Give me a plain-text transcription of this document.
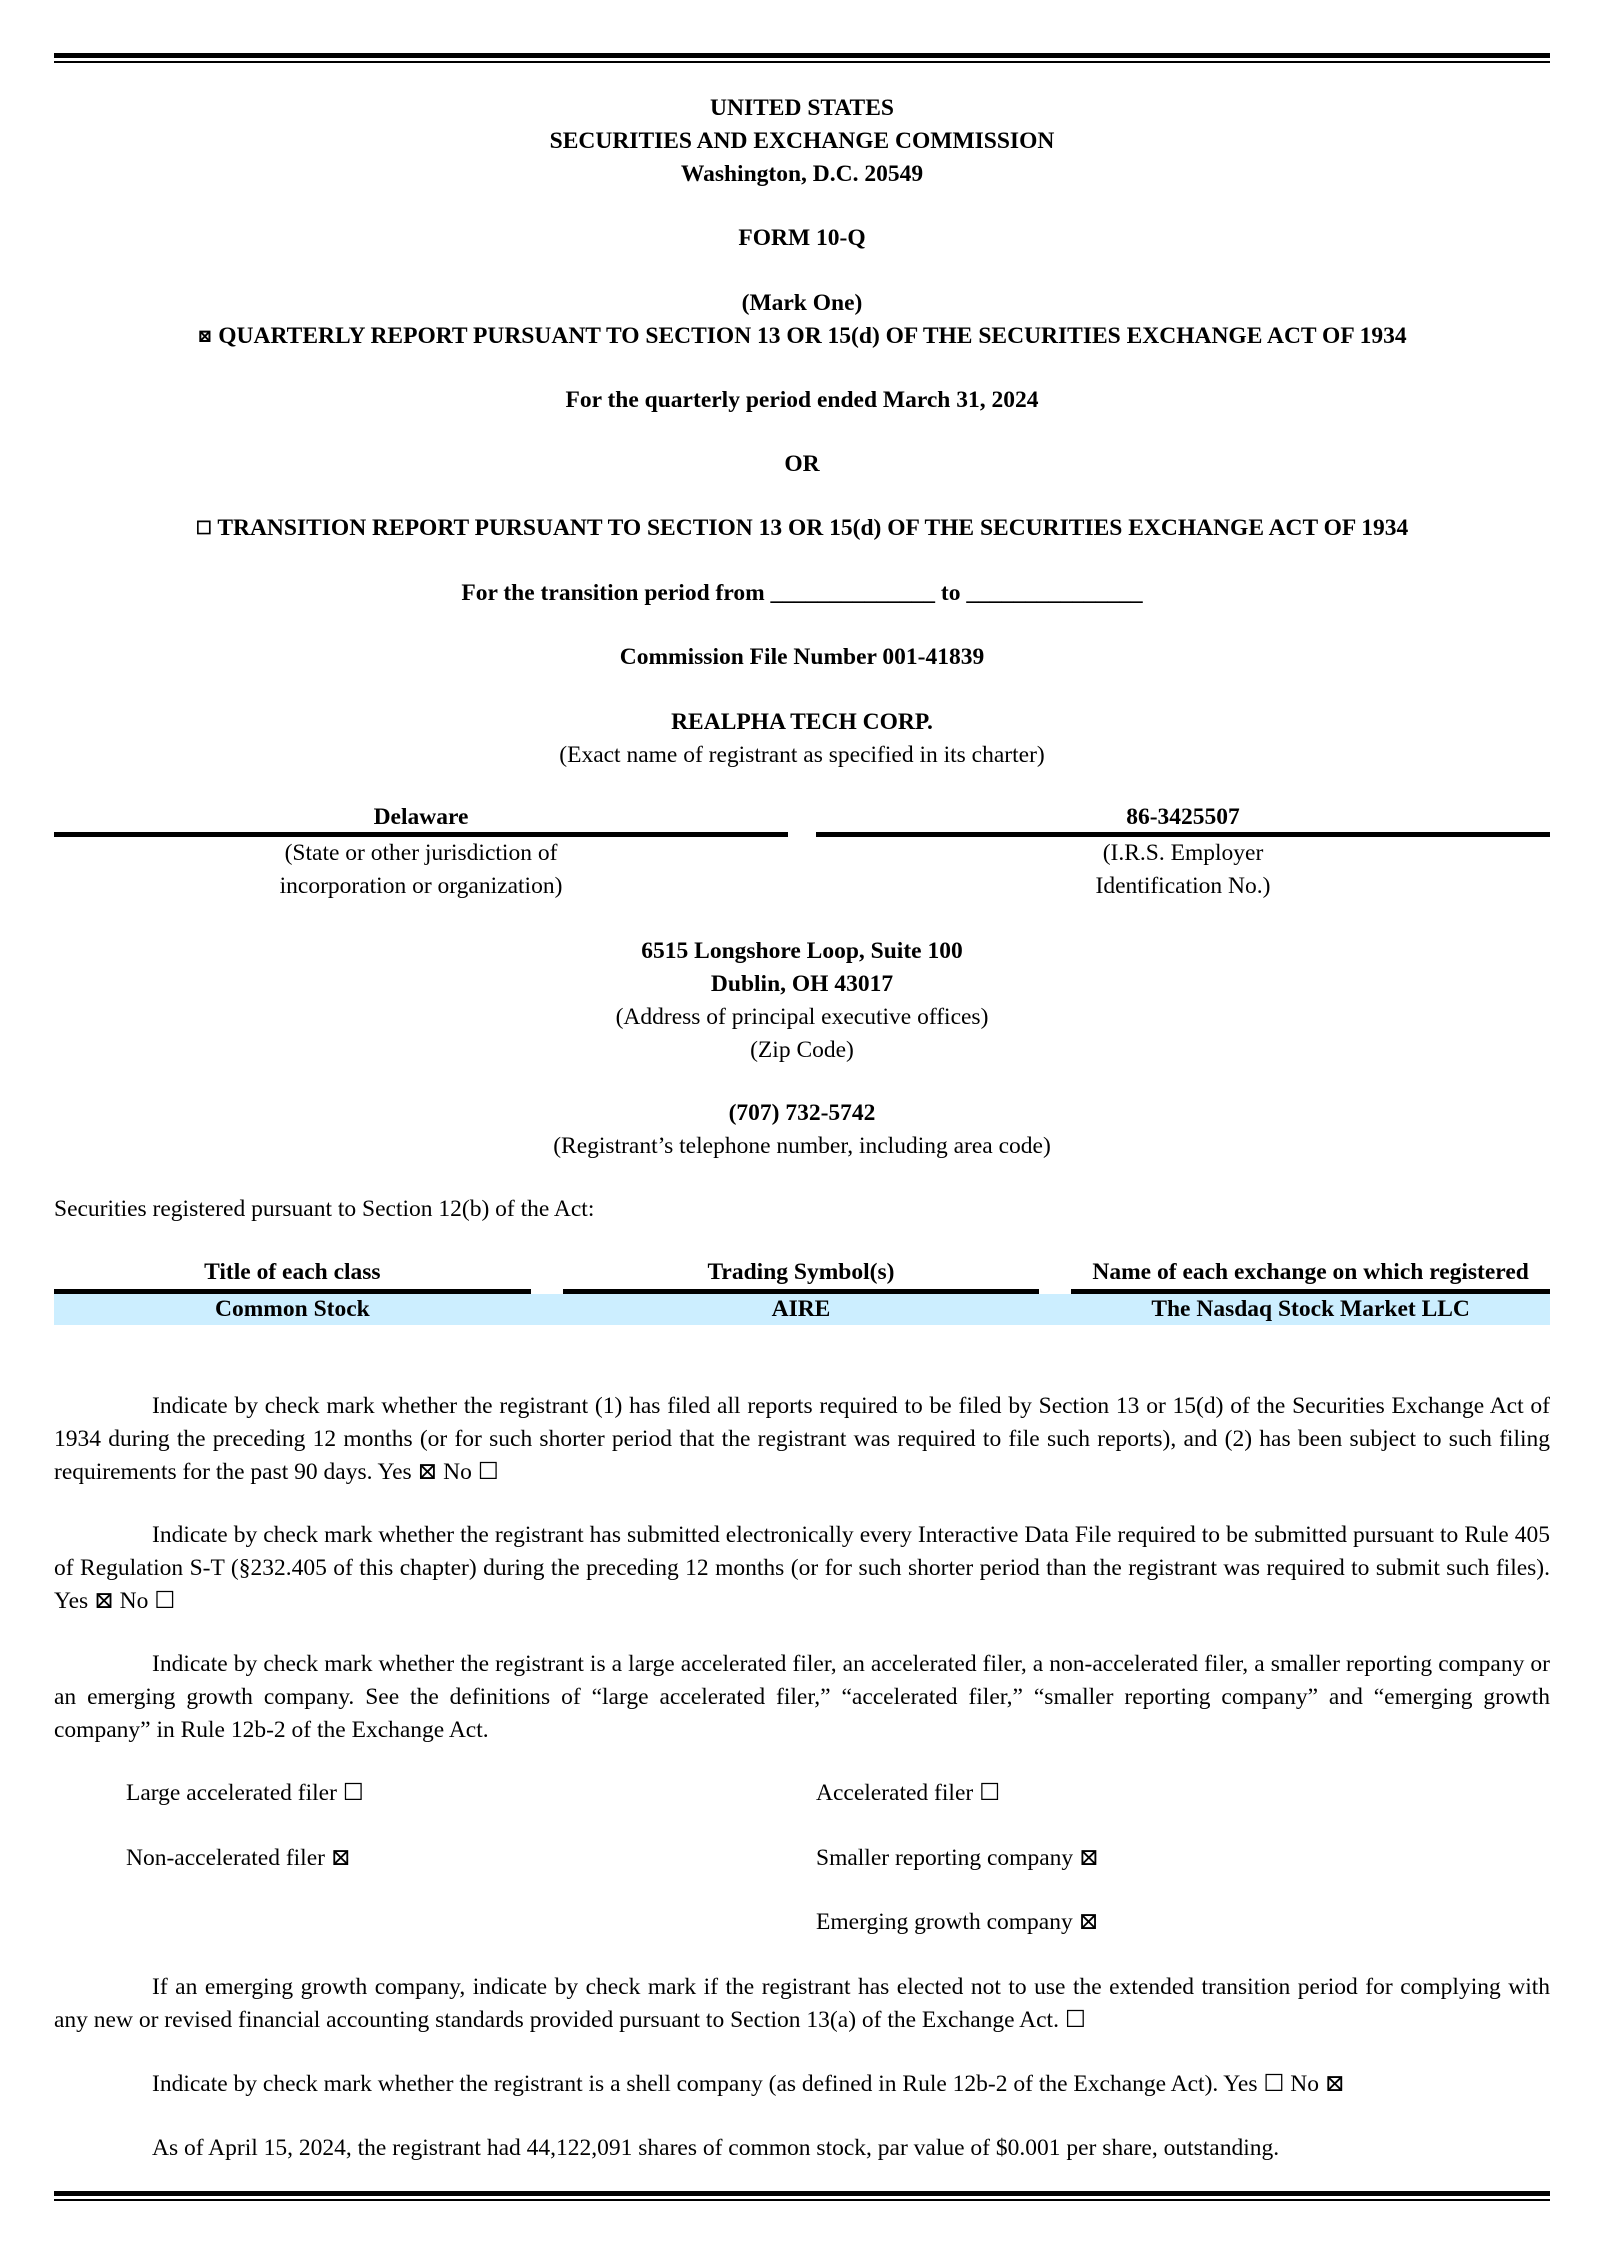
UNITED STATES
SECURITIES AND EXCHANGE COMMISSION
Washington, D.C. 20549
FORM 10-Q
(Mark One)
⊠ QUARTERLY REPORT PURSUANT TO SECTION 13 OR 15(d) OF THE SECURITIES EXCHANGE ACT OF 1934
For the quarterly period ended March 31, 2024
OR
☐ TRANSITION REPORT PURSUANT TO SECTION 13 OR 15(d) OF THE SECURITIES EXCHANGE ACT OF 1934
For the transition period from ______________ to _______________
Commission File Number 001-41839
REALPHA TECH CORP.
(Exact name of registrant as specified in its charter)
Delaware
(State or other jurisdiction of
incorporation or organization)
86-3425507
(I.R.S. Employer
Identification No.)
6515 Longshore Loop, Suite 100
Dublin, OH 43017
(Address of principal executive offices)
(Zip Code)
(707) 732-5742
(Registrant’s telephone number, including area code)
Securities registered pursuant to Section 12(b) of the Act:
Title of each class		Trading Symbol(s)		Name of each exchange on which registered
Common Stock		AIRE		The Nasdaq Stock Market LLC

Indicate by check mark whether the registrant (1) has filed all reports required to be filed by Section 13 or 15(d) of the Securities Exchange Act of 1934 during the preceding 12 months (or for such shorter period that the registrant was required to file such reports), and (2) has been subject to such filing requirements for the past 90 days. Yes ⊠ No ☐

Indicate by check mark whether the registrant has submitted electronically every Interactive Data File required to be submitted pursuant to Rule 405 of Regulation S-T (§232.405 of this chapter) during the preceding 12 months (or for such shorter period than the registrant was required to submit such files). Yes ⊠ No ☐

Indicate by check mark whether the registrant is a large accelerated filer, an accelerated filer, a non-accelerated filer, a smaller reporting company or an emerging growth company. See the definitions of “large accelerated filer,” “accelerated filer,” “smaller reporting company” and “emerging growth company” in Rule 12b-2 of the Exchange Act.

Large accelerated filer ☐	Accelerated filer ☐
Non-accelerated filer ⊠	Smaller reporting company ⊠
Emerging growth company ⊠

If an emerging growth company, indicate by check mark if the registrant has elected not to use the extended transition period for complying with any new or revised financial accounting standards provided pursuant to Section 13(a) of the Exchange Act. ☐

Indicate by check mark whether the registrant is a shell company (as defined in Rule 12b-2 of the Exchange Act). Yes ☐ No ⊠

As of April 15, 2024, the registrant had 44,122,091 shares of common stock, par value of $0.001 per share, outstanding.
